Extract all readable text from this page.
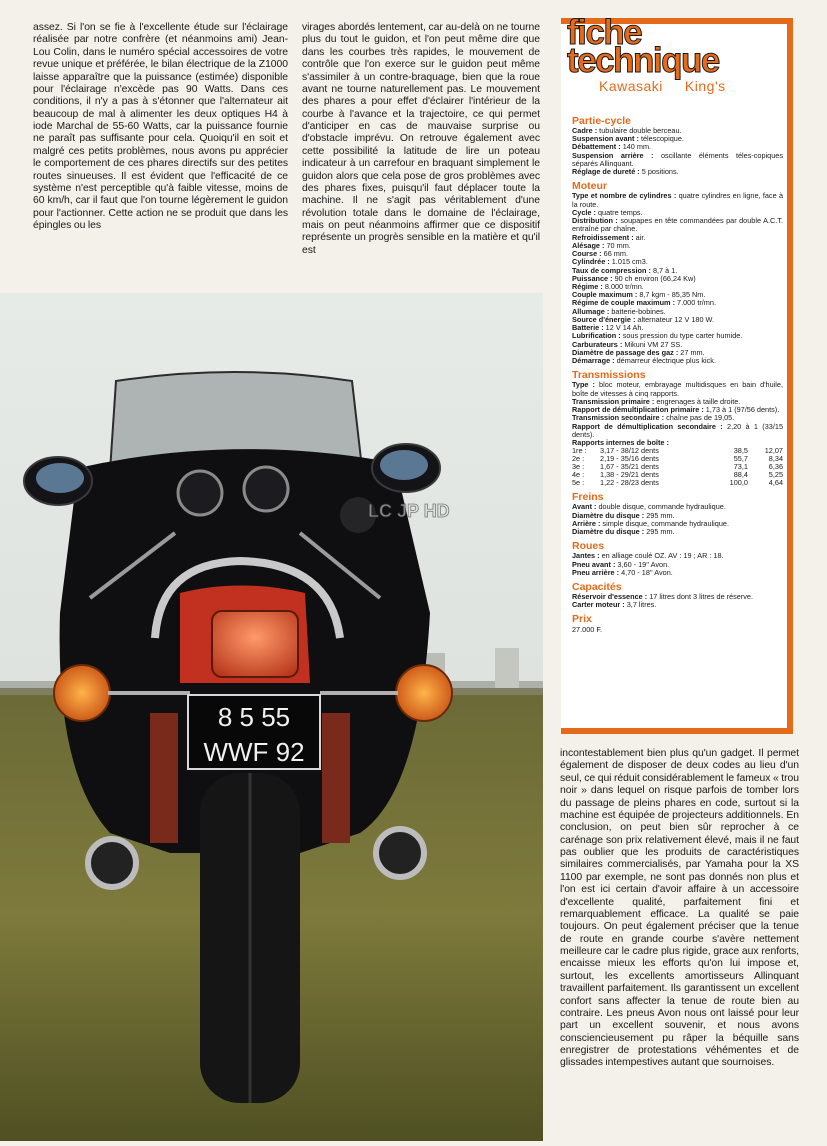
assez. Si l'on se fie à l'excellente étude sur l'éclairage réalisée par notre confrère (et néanmoins ami) Jean-Lou Colin, dans le numéro spécial accessoires de votre revue unique et préférée, le bilan électrique de la Z1000 laisse apparaître que la puissance (estimée) disponible pour l'éclairage n'excède pas 90 Watts. Dans ces conditions, il n'y a pas à s'étonner que l'alternateur ait beaucoup de mal à alimenter les deux optiques H4 à iode Marchal de 55-60 Watts, car la puissance fournie ne paraît pas suffisante pour cela. Quoiqu'il en soit et malgré ces petits problèmes, nous avons pu apprécier le comportement de ces phares directifs sur des petites routes sinueuses. Il est évident que l'efficacité de ce système n'est perceptible qu'à faible vitesse, moins de 60 km/h, car il faut que l'on tourne légèrement le guidon pour l'actionner. Cette action ne se produit que dans les épingles ou les
virages abordés lentement, car au-delà on ne tourne plus du tout le guidon, et l'on peut même dire que dans les courbes très rapides, le mouvement de contrôle que l'on exerce sur le guidon peut même s'assimiler à un contre-braquage, bien que la roue avant ne tourne naturellement pas. Le mouvement des phares a pour effet d'éclairer l'intérieur de la courbe à l'avance et la trajectoire, ce qui permet d'anticiper en cas de mauvaise surprise ou d'obstacle imprévu. On retrouve également avec cette possibilité la latitude de lire un poteau indicateur à un carrefour en braquant simplement le guidon alors que cela pose de gros problèmes avec des phares fixes, puisqu'il faut déplacer toute la machine. Il ne s'agit pas véritablement d'une révolution totale dans le domaine de l'éclairage, mais on peut néanmoins affirmer que ce dispositif représente un progrès sensible en la matière et qu'il est
incontestablement bien plus qu'un gadget. Il permet également de disposer de deux codes au lieu d'un seul, ce qui réduit considérablement le fameux « trou noir » dans lequel on risque parfois de tomber lors du passage de pleins phares en code, surtout si la machine est équipée de projecteurs additionnels. En conclusion, on peut bien sûr reprocher à ce carénage son prix relativement élevé, mais il ne faut pas oublier que les produits de caractéristiques similaires commercialisés, par Yamaha pour la XS 1100 par exemple, ne sont pas donnés non plus et l'on est ici certain d'avoir affaire à un accessoire d'excellente qualité, parfaitement fini et remarquablement efficace. La qualité se paie toujours. On peut également préciser que la tenue de route en grande courbe s'avère nettement meilleure car le cadre plus rigide, grace aux renforts, encaisse mieux les efforts qu'on lui impose et, surtout, les excellents amortisseurs Allinquant travaillent parfaitement. Ils garantissent un excellent confort sans affecter la tenue de route bien au contraire. Les pneus Avon nous ont laissé pour leur part un excellent souvenir, et nous avons consciencieusement pu râper la béquille sans enregistrer de protestations véhémentes et de glissades intempestives autant que sournoises.
8 5 55
WWF 92
LC JP HD
fiche
technique
Kawasaki King's
Partie-cycle

Cadre : tubulaire double berceau.

Suspension avant : télescopique.

Débattement : 140 mm.

Suspension arrière : oscillante éléments téles-copiques séparés Allinquant.

Réglage de dureté : 5 positions.

Moteur

Type et nombre de cylindres : quatre cylindres en ligne, face à la route.

Cycle : quatre temps.

Distribution : soupapes en tête commandées par double A.C.T. entraîné par chaîne.

Refroidissement : air.

Alésage : 70 mm.

Course : 66 mm.

Cylindrée : 1.015 cm3.

Taux de compression : 8,7 à 1.

Puissance : 90 ch environ (66,24 Kw)

Régime : 8.000 tr/mn.

Couple maximum : 8,7 kgm - 85,35 Nm.

Régime de couple maximum : 7.000 tr/mn.

Allumage : batterie-bobines.

Source d'énergie : alternateur 12 V 180 W.

Batterie : 12 V 14 Ah.

Lubrification : sous pression du type carter humide.

Carburateurs : Mikuni VM 27 SS.

Diamètre de passage des gaz : 27 mm.

Démarrage : démarreur électrique plus kick.

Transmissions

Type : bloc moteur, embrayage multidisques en bain d'huile, boîte de vitesses à cinq rapports.

Transmission primaire : engrenages à taille droite.

Rapport de démultiplication primaire : 1,73 à 1 (97/56 dents).

Transmission secondaire : chaîne pas de 19,05.

Rapport de démultiplication secondaire : 2,20 à 1 (33/15 dents).

Rapports internes de boîte :

1re :	3,17 - 38/12 dents	38,5	12,07
2e :	2,19 - 35/16 dents	55,7	8,34
3e :	1,67 - 35/21 dents	73,1	6,36
4e :	1,38 - 29/21 dents	88,4	5,25
5e :	1,22 - 28/23 dents	100,0	4,64
Freins

Avant : double disque, commande hydraulique.

Diamètre du disque : 295 mm.

Arrière : simple disque, commande hydraulique.

Diamètre du disque : 295 mm.

Roues

Jantes : en alliage coulé OZ. AV : 19 ; AR : 18.

Pneu avant : 3,60 - 19'' Avon.

Pneu arrière : 4,70 - 18'' Avon.

Capacités

Réservoir d'essence : 17 litres dont 3 litres de réserve.

Carter moteur : 3,7 litres.

Prix

27.000 F.
